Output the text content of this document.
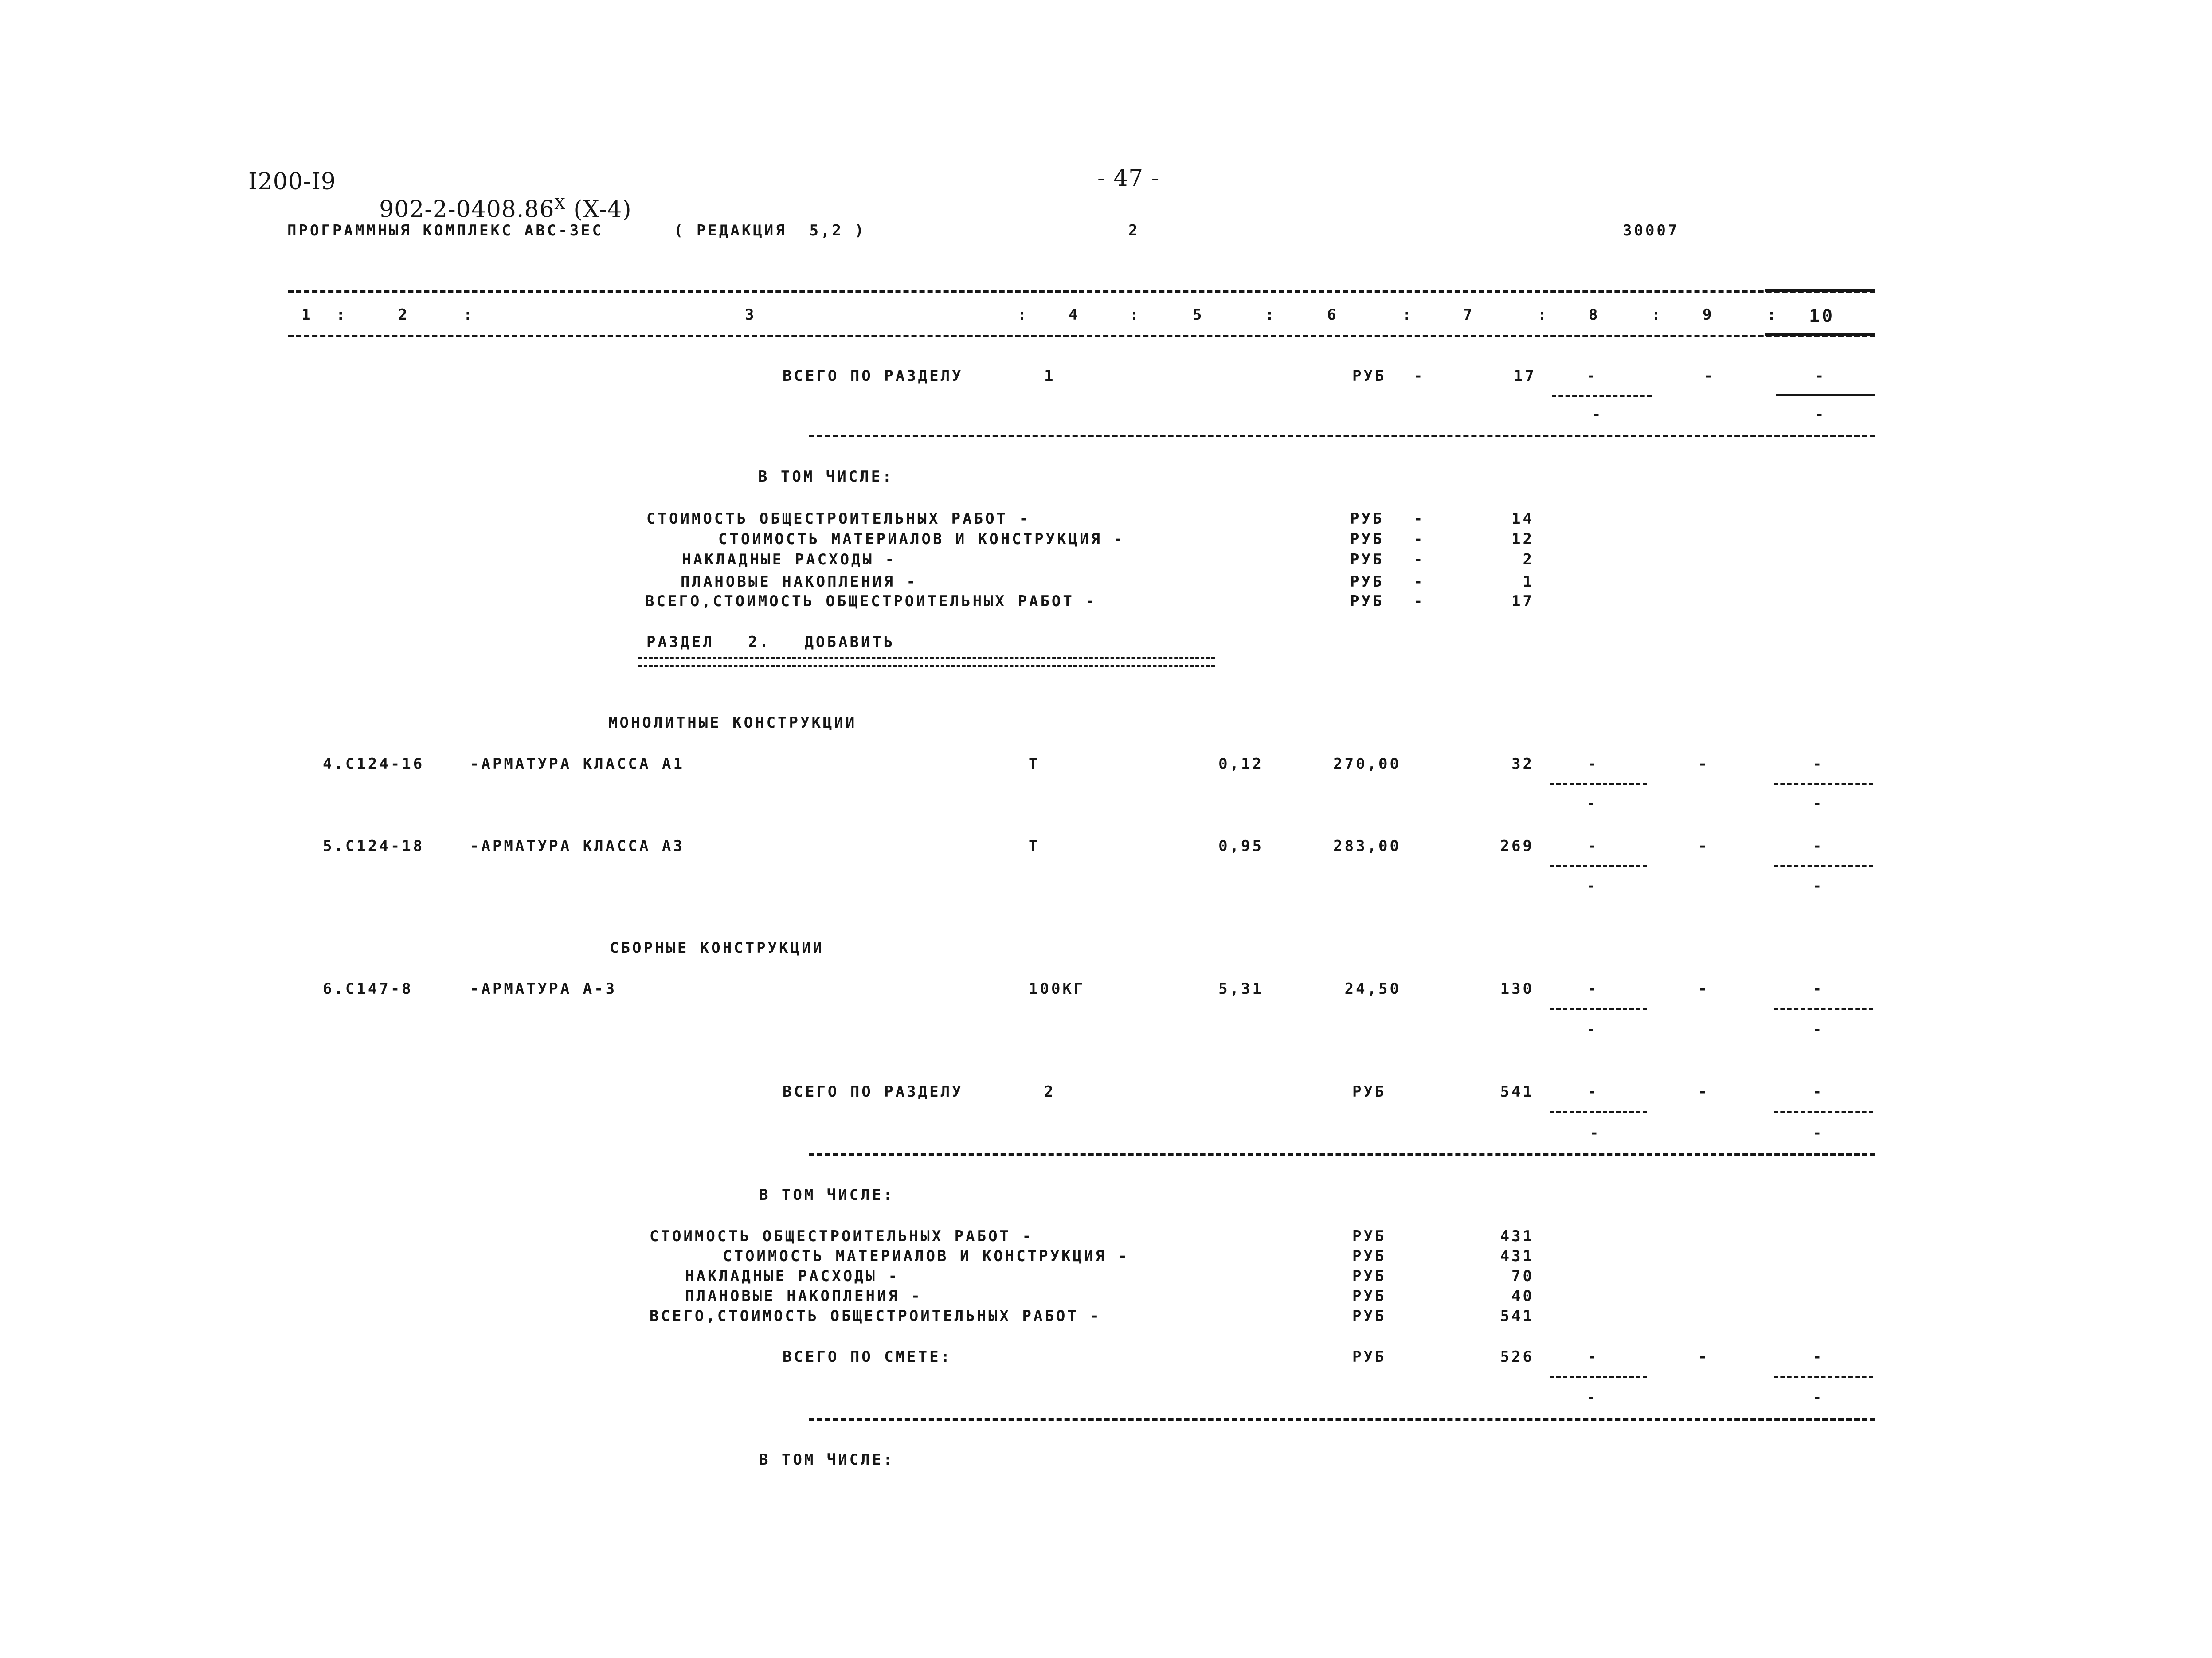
I200-I9

$902-2-0408.86^X$ (X-4)

- 47 -
ПРОГРАММНЫЯ КОМПЛЕКС АВС-3ЕС	( РЕДАКЦИЯ  5,2 )	2	30007
1 :	2	:	3	:	4	:	5	:	6	:	7	:	8	:	9	: 10
ВСЕГО ПО РАЗДЕЛУ	1	РУБ -	17	-	-	-
-	-
В ТОМ ЧИСЛЕ:
СТОИМОСТЬ ОБЩЕСТРОИТЕЛЬНЫХ РАБОТ -	РУБ -	14
СТОИМОСТЬ МАТЕРИАЛОВ И КОНСТРУКЦИЯ -	РУБ -	12
НАКЛАДНЫЕ РАСХОДЫ -	РУБ -	2
ПЛАНОВЫЕ НАКОПЛЕНИЯ -	РУБ -	1
ВСЕГО,СТОИМОСТЬ ОБЩЕСТРОИТЕЛЬНЫХ РАБОТ -	РУБ -	17
РАЗДЕЛ   2.   ДОБАВИТЬ
МОНОЛИТНЫЕ КОНСТРУКЦИИ
4.С124-16	-АРМАТУРА КЛАССА А1	Т	0,12	270,00	32	-	-	-
-	-
5.С124-18	-АРМАТУРА КЛАССА А3	Т	0,95	283,00	269	-	-	-
-	-
СБОРНЫЕ КОНСТРУКЦИИ
6.С147-8	-АРМАТУРА А-3	100КГ	5,31	24,50	130	-	-	-
-	-
ВСЕГО ПО РАЗДЕЛУ	2	РУБ	541	-	-	-
-	-
В ТОМ ЧИСЛЕ:
СТОИМОСТЬ ОБЩЕСТРОИТЕЛЬНЫХ РАБОТ -	РУБ	431
СТОИМОСТЬ МАТЕРИАЛОВ И КОНСТРУКЦИЯ -	РУБ	431
НАКЛАДНЫЕ РАСХОДЫ -	РУБ	70
ПЛАНОВЫЕ НАКОПЛЕНИЯ -	РУБ	40
ВСЕГО,СТОИМОСТЬ ОБЩЕСТРОИТЕЛЬНЫХ РАБОТ -	РУБ	541
ВСЕГО ПО СМЕТЕ:	РУБ	526	-	-	-
-	-
В ТОМ ЧИСЛЕ:
